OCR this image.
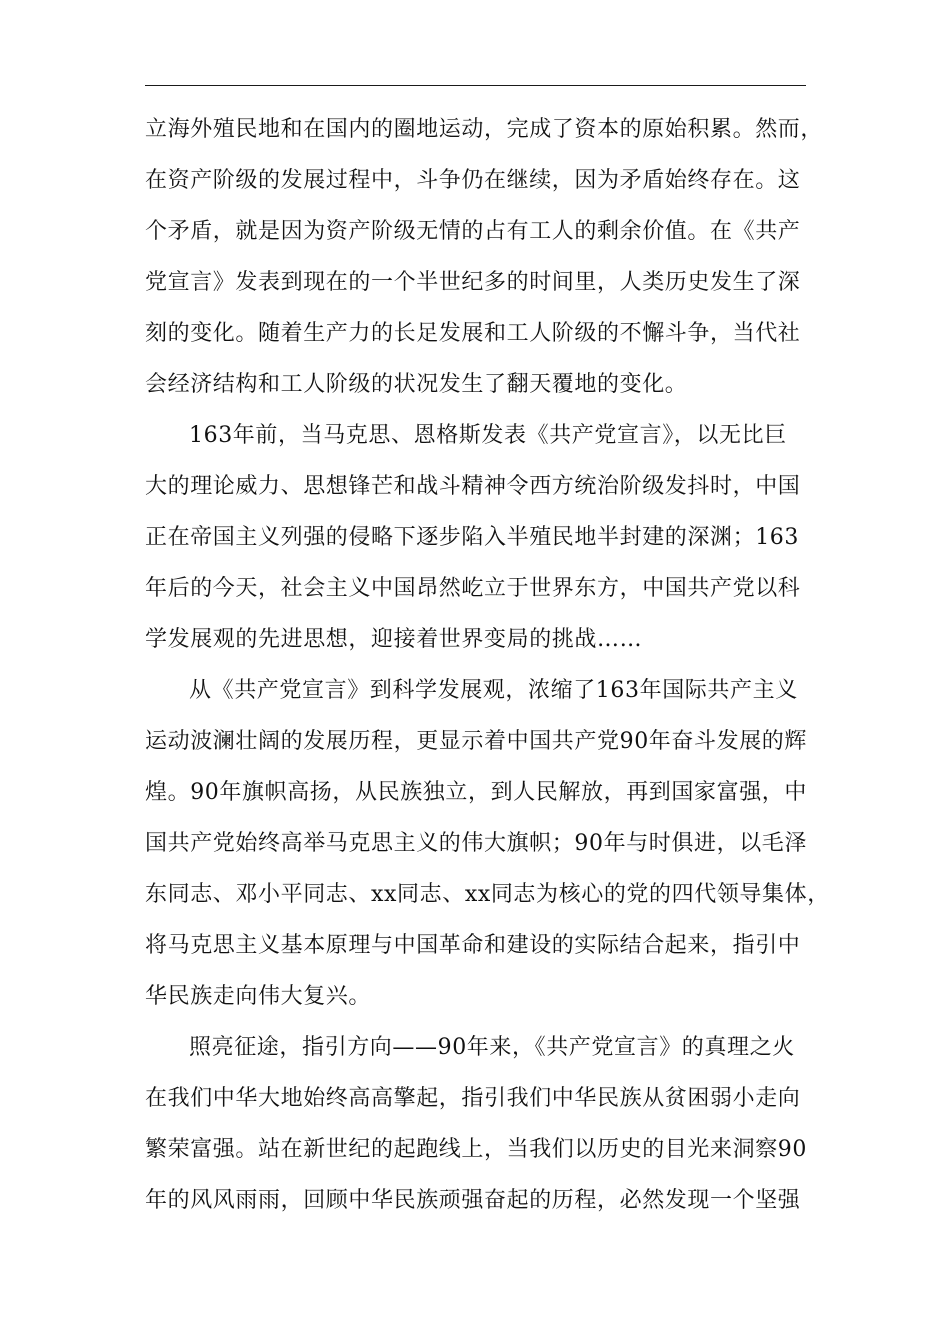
立海外殖民地和在国内的圈地运动，完成了资本的原始积累。然而，
在资产阶级的发展过程中，斗争仍在继续，因为矛盾始终存在。这
个矛盾，就是因为资产阶级无情的占有工人的剩余价值。在《共产
党宣言》发表到现在的一个半世纪多的时间里，人类历史发生了深
刻的变化。随着生产力的长足发展和工人阶级的不懈斗争，当代社
会经济结构和工人阶级的状况发生了翻天覆地的变化。
163年前，当马克思、恩格斯发表《共产党宣言》，以无比巨
大的理论威力、思想锋芒和战斗精神令西方统治阶级发抖时，中国
正在帝国主义列强的侵略下逐步陷入半殖民地半封建的深渊；163
年后的今天，社会主义中国昂然屹立于世界东方，中国共产党以科
学发展观的先进思想，迎接着世界变局的挑战……
从《共产党宣言》到科学发展观，浓缩了163年国际共产主义
运动波澜壮阔的发展历程，更显示着中国共产党90年奋斗发展的辉
煌。90年旗帜高扬，从民族独立，到人民解放，再到国家富强，中
国共产党始终高举马克思主义的伟大旗帜；90年与时俱进，以毛泽
东同志、邓小平同志、xx同志、xx同志为核心的党的四代领导集体，
将马克思主义基本原理与中国革命和建设的实际结合起来，指引中
华民族走向伟大复兴。
照亮征途，指引方向——90年来，《共产党宣言》的真理之火
在我们中华大地始终高高擎起，指引我们中华民族从贫困弱小走向
繁荣富强。站在新世纪的起跑线上，当我们以历史的目光来洞察90
年的风风雨雨，回顾中华民族顽强奋起的历程，必然发现一个坚强
